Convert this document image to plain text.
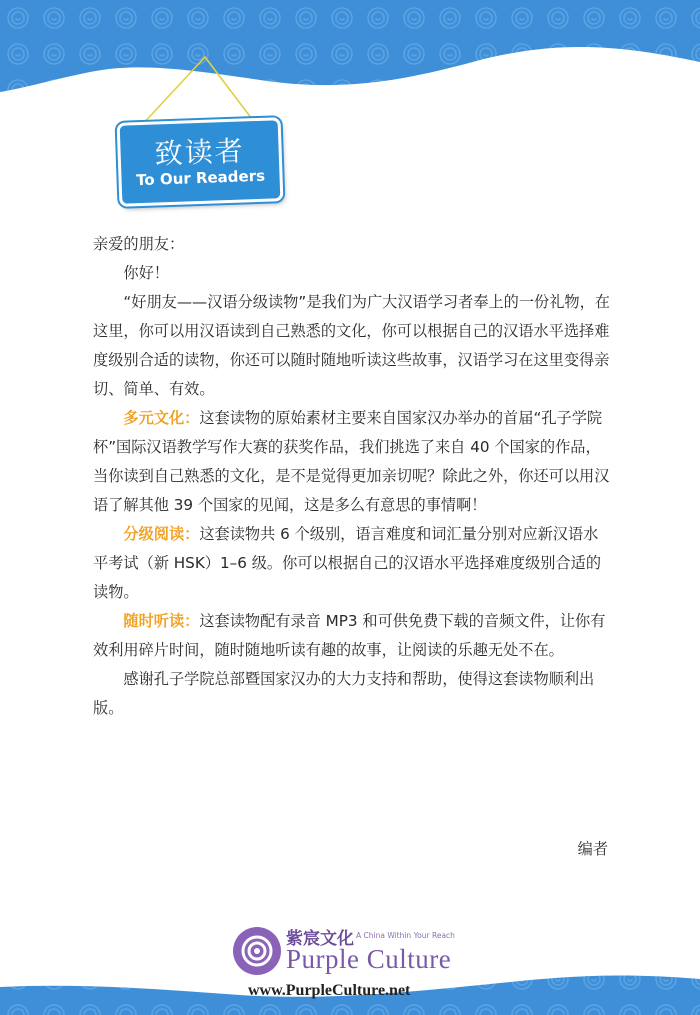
致读者
To Our Readers

亲爱的朋友：

你好！

“好朋友——汉语分级读物”是我们为广大汉语学习者奉上的一份礼物，在这里，你可以用汉语读到自己熟悉的文化，你可以根据自己的汉语水平选择难度级别合适的读物，你还可以随时随地听读这些故事，汉语学习在这里变得亲切、简单、有效。

多元文化：这套读物的原始素材主要来自国家汉办举办的首届“孔子学院杯”国际汉语教学写作大赛的获奖作品，我们挑选了来自 40 个国家的作品，当你读到自己熟悉的文化，是不是觉得更加亲切呢？除此之外，你还可以用汉语了解其他 39 个国家的见闻，这是多么有意思的事情啊！

分级阅读：这套读物共 6 个级别，语言难度和词汇量分别对应新汉语水平考试（新 HSK）1–6 级。你可以根据自己的汉语水平选择难度级别合适的读物。

随时听读：这套读物配有录音 MP3 和可供免费下载的音频文件，让你有效利用碎片时间，随时随地听读有趣的故事，让阅读的乐趣无处不在。

感谢孔子学院总部暨国家汉办的大力支持和帮助，使得这套读物顺利出版。

编者
紫宸文化 A China Within Your Reach
Purple Culture
www.PurpleCulture.net
